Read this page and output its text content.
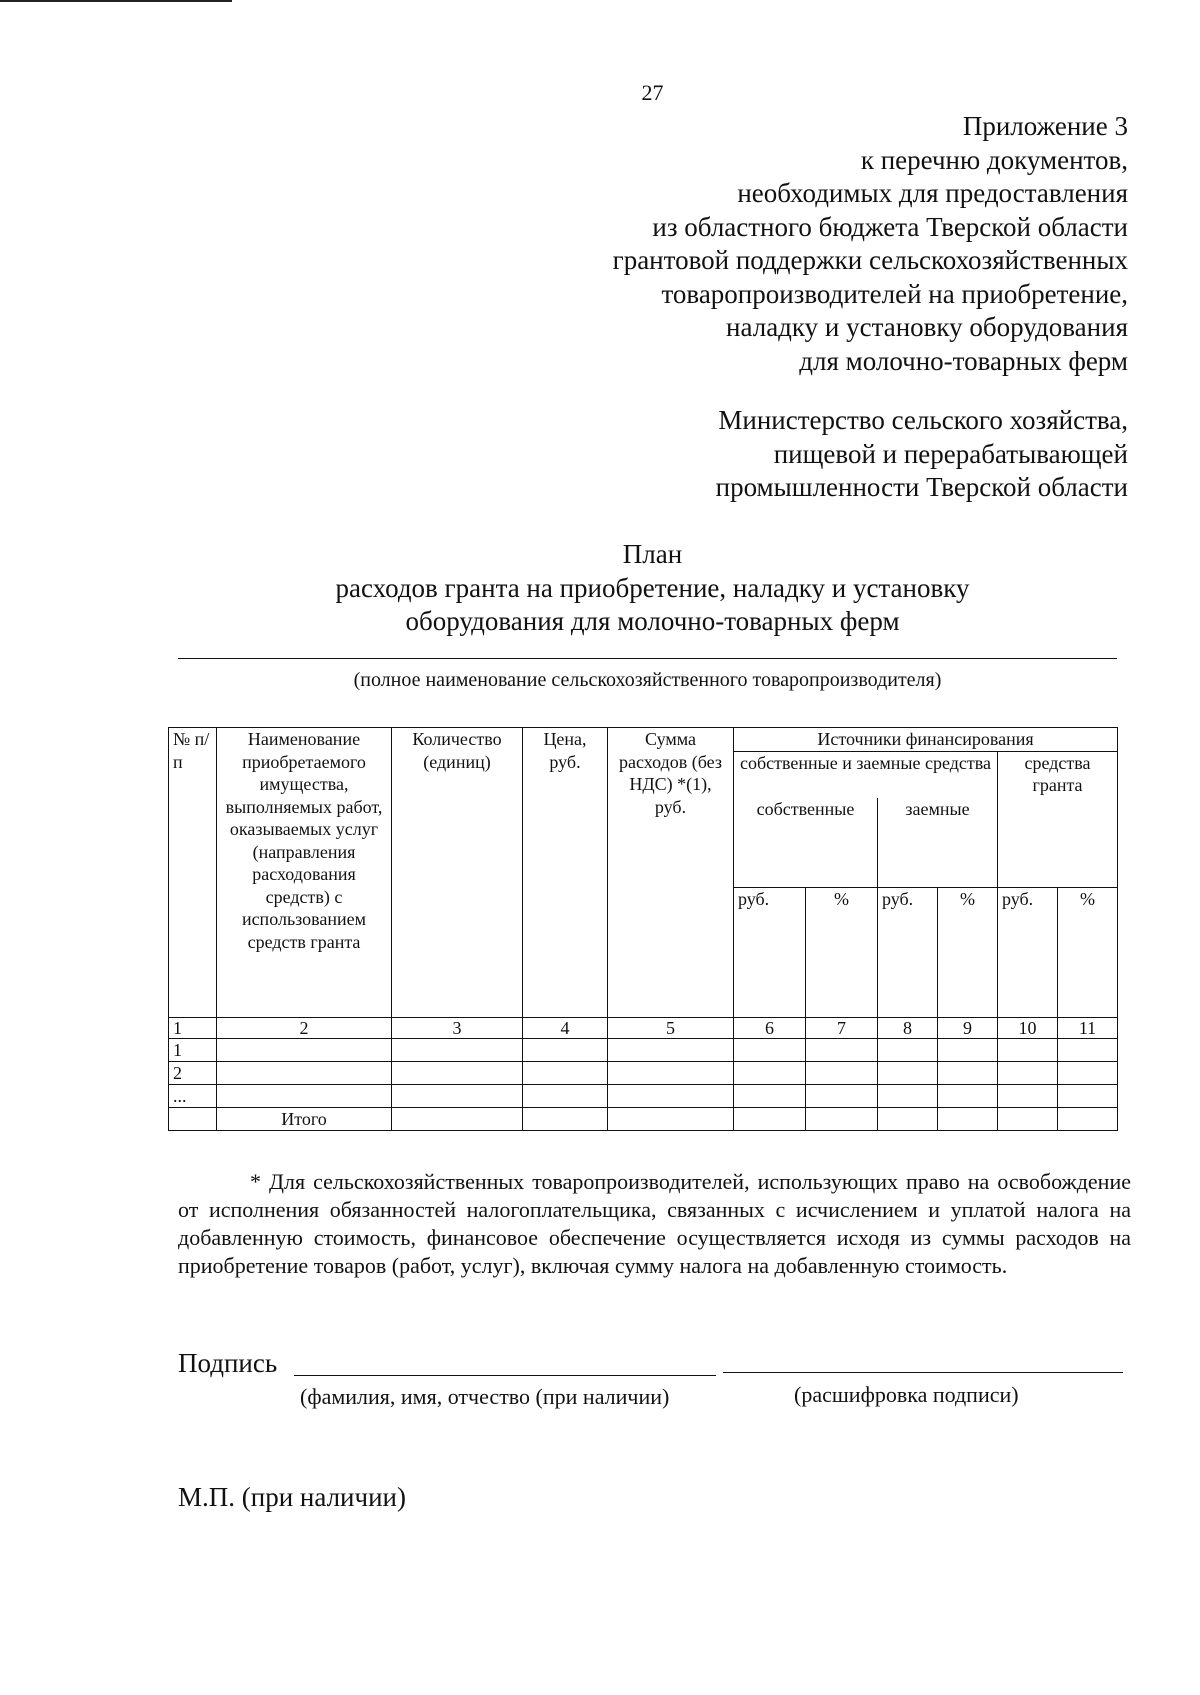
27
Приложение 3
к перечню документов,
необходимых для предоставления
из областного бюджета Тверской области
грантовой поддержки сельскохозяйственных
товаропроизводителей на приобретение,
наладку и установку оборудования
для молочно-товарных ферм
Министерство сельского хозяйства,
пищевой и перерабатывающей
промышленности Тверской области
План
расходов гранта на приобретение, наладку и установку
оборудования для молочно-товарных ферм
(полное наименование сельскохозяйственного товаропроизводителя)
№ п/ п	Наименование приобретаемого имущества, выполняемых работ, оказываемых услуг (направления расходования средств) с использованием средств гранта	Количество (единиц)	Цена, руб.	Сумма расходов (без НДС) *(1), руб.	Источники финансирования					
					собственные и заемные средства				средства гранта	
					собственные		заемные			
					руб.	%	руб.	%	руб.	%
1	2	3	4	5	6	7	8	9	10	11
1										
2										
...										
	Итого									

* Для сельскохозяйственных товаропроизводителей, использующих право на освобождение от исполнения обязанностей налогоплательщика, связанных с исчислением и уплатой налога на добавленную стоимость, финансовое обеспечение осуществляется исходя из суммы расходов на приобретение товаров (работ, услуг), включая сумму налога на добавленную стоимость.

Подпись
(фамилия, имя, отчество (при наличии)	(расшифровка подписи)
М.П. (при наличии)
